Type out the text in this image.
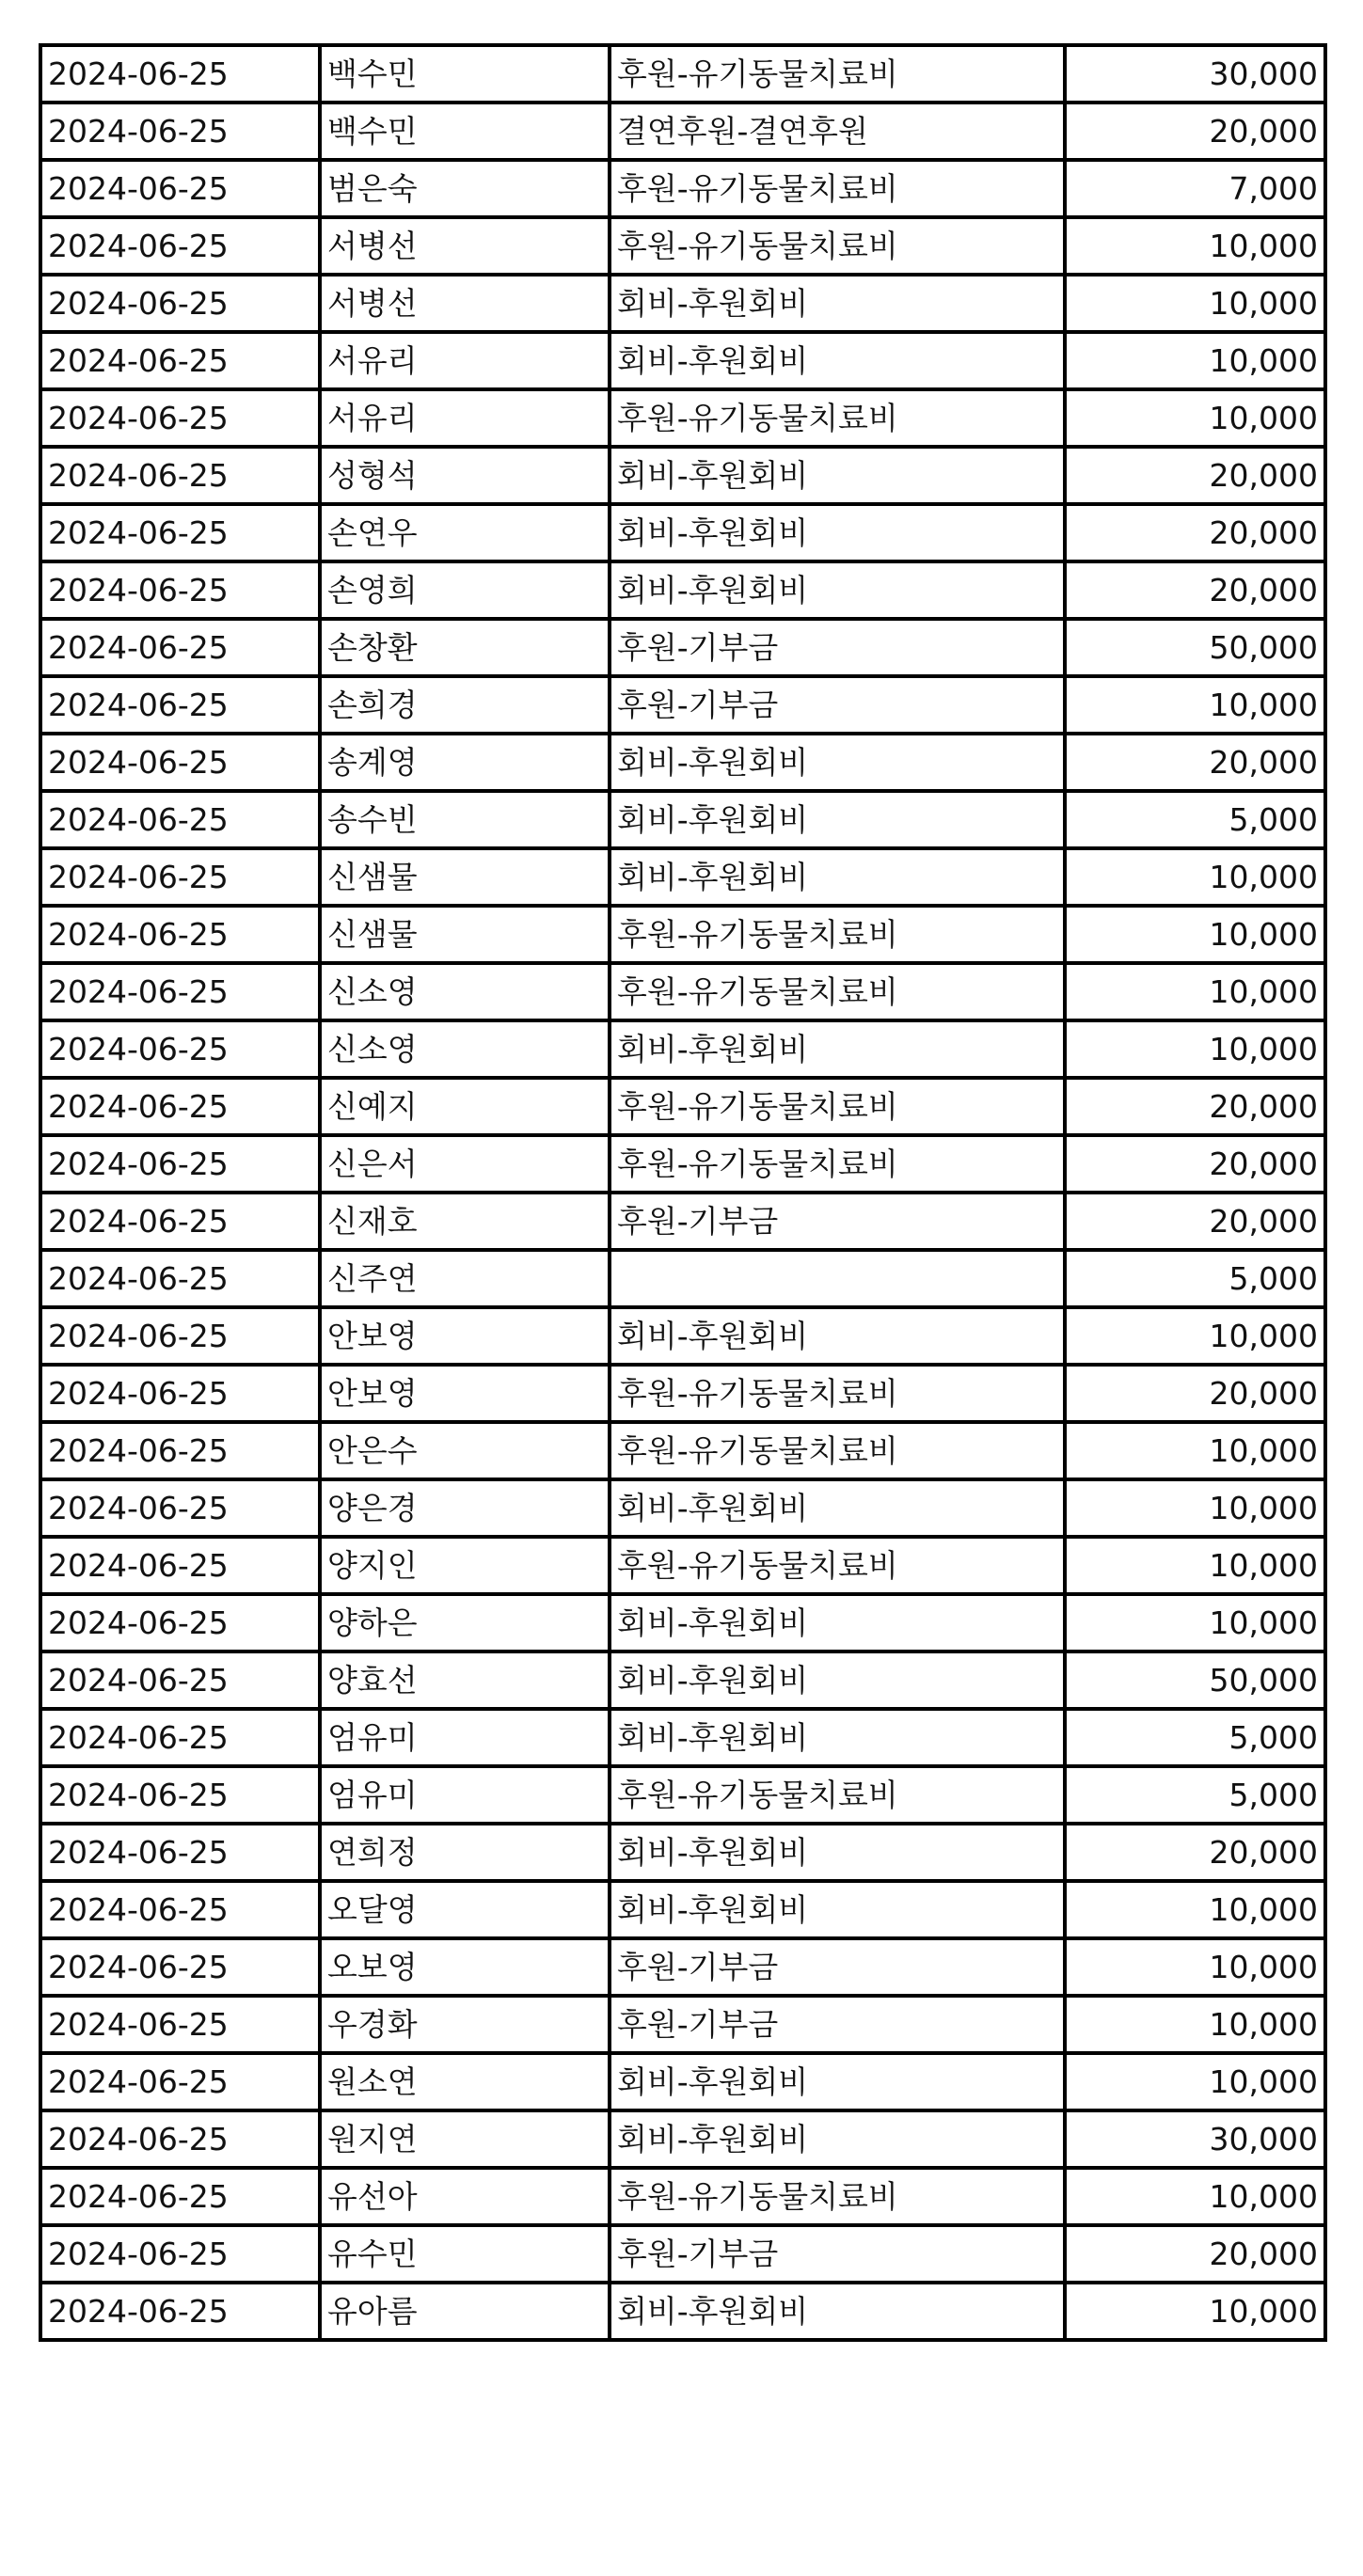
2024-06-25	백수민	후원-유기동물치료비	30,000
2024-06-25	백수민	결연후원-결연후원	20,000
2024-06-25	범은숙	후원-유기동물치료비	7,000
2024-06-25	서병선	후원-유기동물치료비	10,000
2024-06-25	서병선	회비-후원회비	10,000
2024-06-25	서유리	회비-후원회비	10,000
2024-06-25	서유리	후원-유기동물치료비	10,000
2024-06-25	성형석	회비-후원회비	20,000
2024-06-25	손연우	회비-후원회비	20,000
2024-06-25	손영희	회비-후원회비	20,000
2024-06-25	손창환	후원-기부금	50,000
2024-06-25	손희경	후원-기부금	10,000
2024-06-25	송계영	회비-후원회비	20,000
2024-06-25	송수빈	회비-후원회비	5,000
2024-06-25	신샘물	회비-후원회비	10,000
2024-06-25	신샘물	후원-유기동물치료비	10,000
2024-06-25	신소영	후원-유기동물치료비	10,000
2024-06-25	신소영	회비-후원회비	10,000
2024-06-25	신예지	후원-유기동물치료비	20,000
2024-06-25	신은서	후원-유기동물치료비	20,000
2024-06-25	신재호	후원-기부금	20,000
2024-06-25	신주연		5,000
2024-06-25	안보영	회비-후원회비	10,000
2024-06-25	안보영	후원-유기동물치료비	20,000
2024-06-25	안은수	후원-유기동물치료비	10,000
2024-06-25	양은경	회비-후원회비	10,000
2024-06-25	양지인	후원-유기동물치료비	10,000
2024-06-25	양하은	회비-후원회비	10,000
2024-06-25	양효선	회비-후원회비	50,000
2024-06-25	엄유미	회비-후원회비	5,000
2024-06-25	엄유미	후원-유기동물치료비	5,000
2024-06-25	연희정	회비-후원회비	20,000
2024-06-25	오달영	회비-후원회비	10,000
2024-06-25	오보영	후원-기부금	10,000
2024-06-25	우경화	후원-기부금	10,000
2024-06-25	원소연	회비-후원회비	10,000
2024-06-25	원지연	회비-후원회비	30,000
2024-06-25	유선아	후원-유기동물치료비	10,000
2024-06-25	유수민	후원-기부금	20,000
2024-06-25	유아름	회비-후원회비	10,000
